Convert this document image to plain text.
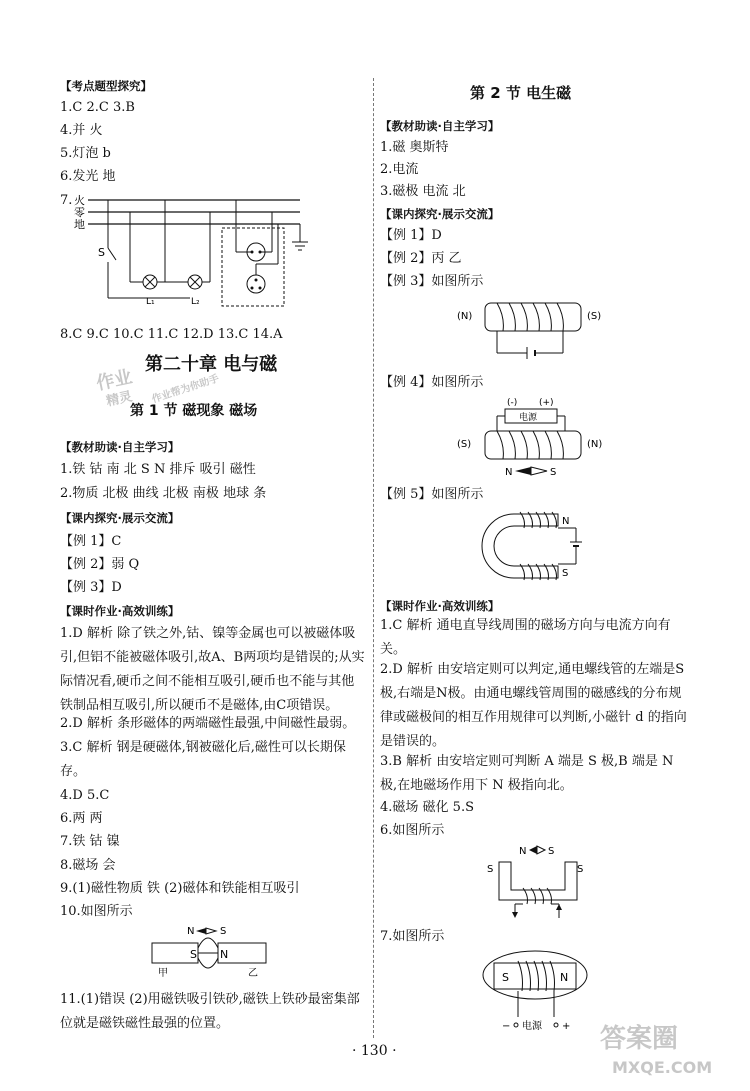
【考点题型探究】
1.C 2.C 3.B
4.并 火
5.灯泡 b
6.发光 地
7. 火
零
地
S
L₁	L₂
8.C 9.C 10.C 11.C 12.D 13.C 14.A
第二十章 电与磁
第 1 节 磁现象 磁场
【教材助读·自主学习】
1.铁 钴 南 北 S N 排斥 吸引 磁性
2.物质 北极 曲线 北极 南极 地球 条
【课内探究·展示交流】
【例 1】C
【例 2】弱 Q
【例 3】D
【课时作业·高效训练】
1.D 解析 除了铁之外,钴、镍等金属也可以被磁体吸引,但铝不能被磁体吸引,故A、B两项均是错误的;从实际情况看,硬币之间不能相互吸引,硬币也不能与其他铁制品相互吸引,所以硬币不是磁体,由C项错误。
2.D 解析 条形磁体的两端磁性最强,中间磁性最弱。
3.C 解析 钢是硬磁体,钢被磁化后,磁性可以长期保存。
4.D 5.C
6.两 两
7.铁 钴 镍
8.磁场 会
9.(1)磁性物质 铁 (2)磁体和铁能相互吸引
10.如图所示
S N
N	S
甲	乙
11.(1)错误 (2)用磁铁吸引铁砂,磁铁上铁砂最密集部位就是磁铁磁性最强的位置。
第 2 节 电生磁
【教材助读·自主学习】
1.磁 奥斯特
2.电流
3.磁极 电流 北
【课内探究·展示交流】
【例 1】D
【例 2】丙 乙
【例 3】如图所示
(N)	(S)
【例 4】如图所示
(-) (+)
电源
(S)	(N)
N	S
【例 5】如图所示
N
S
【课时作业·高效训练】
1.C 解析 通电直导线周围的磁场方向与电流方向有关。
2.D 解析 由安培定则可以判定,通电螺线管的左端是S极,右端是N极。由通电螺线管周围的磁感线的分布规律或磁极间的相互作用规律可以判断,小磁针 d 的指向是错误的。
3.B 解析 由安培定则可判断 A 端是 S 极,B 端是 N极,在地磁场作用下 N 极指向北。
4.磁场 磁化 5.S
6.如图所示
N S
S	S
7.如图所示
S	N
− 电源 +
· 130 ·
作业
精灵 作业帮为你助手
答案圈
MXQE.COM
